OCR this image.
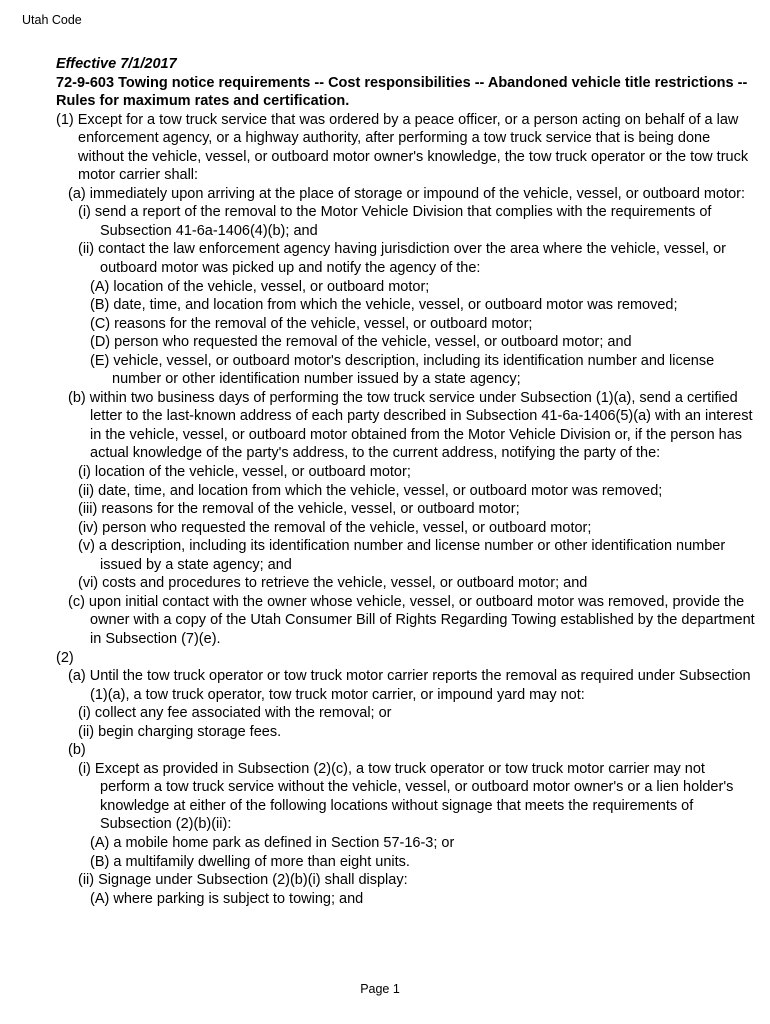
Utah Code
Effective 7/1/2017
72-9-603 Towing notice requirements -- Cost responsibilities -- Abandoned vehicle title restrictions -- Rules for maximum rates and certification.
(1) Except for a tow truck service that was ordered by a peace officer, or a person acting on behalf of a law enforcement agency, or a highway authority, after performing a tow truck service that is being done without the vehicle, vessel, or outboard motor owner's knowledge, the tow truck operator or the tow truck motor carrier shall:
(a) immediately upon arriving at the place of storage or impound of the vehicle, vessel, or outboard motor:
(i) send a report of the removal to the Motor Vehicle Division that complies with the requirements of Subsection 41-6a-1406(4)(b); and
(ii) contact the law enforcement agency having jurisdiction over the area where the vehicle, vessel, or outboard motor was picked up and notify the agency of the:
(A) location of the vehicle, vessel, or outboard motor;
(B) date, time, and location from which the vehicle, vessel, or outboard motor was removed;
(C) reasons for the removal of the vehicle, vessel, or outboard motor;
(D) person who requested the removal of the vehicle, vessel, or outboard motor; and
(E) vehicle, vessel, or outboard motor's description, including its identification number and license number or other identification number issued by a state agency;
(b) within two business days of performing the tow truck service under Subsection (1)(a), send a certified letter to the last-known address of each party described in Subsection 41-6a-1406(5)(a) with an interest in the vehicle, vessel, or outboard motor obtained from the Motor Vehicle Division or, if the person has actual knowledge of the party's address, to the current address, notifying the party of the:
(i) location of the vehicle, vessel, or outboard motor;
(ii) date, time, and location from which the vehicle, vessel, or outboard motor was removed;
(iii) reasons for the removal of the vehicle, vessel, or outboard motor;
(iv) person who requested the removal of the vehicle, vessel, or outboard motor;
(v) a description, including its identification number and license number or other identification number issued by a state agency; and
(vi) costs and procedures to retrieve the vehicle, vessel, or outboard motor; and
(c) upon initial contact with the owner whose vehicle, vessel, or outboard motor was removed, provide the owner with a copy of the Utah Consumer Bill of Rights Regarding Towing established by the department in Subsection (7)(e).
(2)
(a) Until the tow truck operator or tow truck motor carrier reports the removal as required under Subsection (1)(a), a tow truck operator, tow truck motor carrier, or impound yard may not:
(i) collect any fee associated with the removal; or
(ii) begin charging storage fees.
(b)
(i) Except as provided in Subsection (2)(c), a tow truck operator or tow truck motor carrier may not perform a tow truck service without the vehicle, vessel, or outboard motor owner's or a lien holder's knowledge at either of the following locations without signage that meets the requirements of Subsection (2)(b)(ii):
(A) a mobile home park as defined in Section 57-16-3; or
(B) a multifamily dwelling of more than eight units.
(ii) Signage under Subsection (2)(b)(i) shall display:
(A) where parking is subject to towing; and
Page 1
